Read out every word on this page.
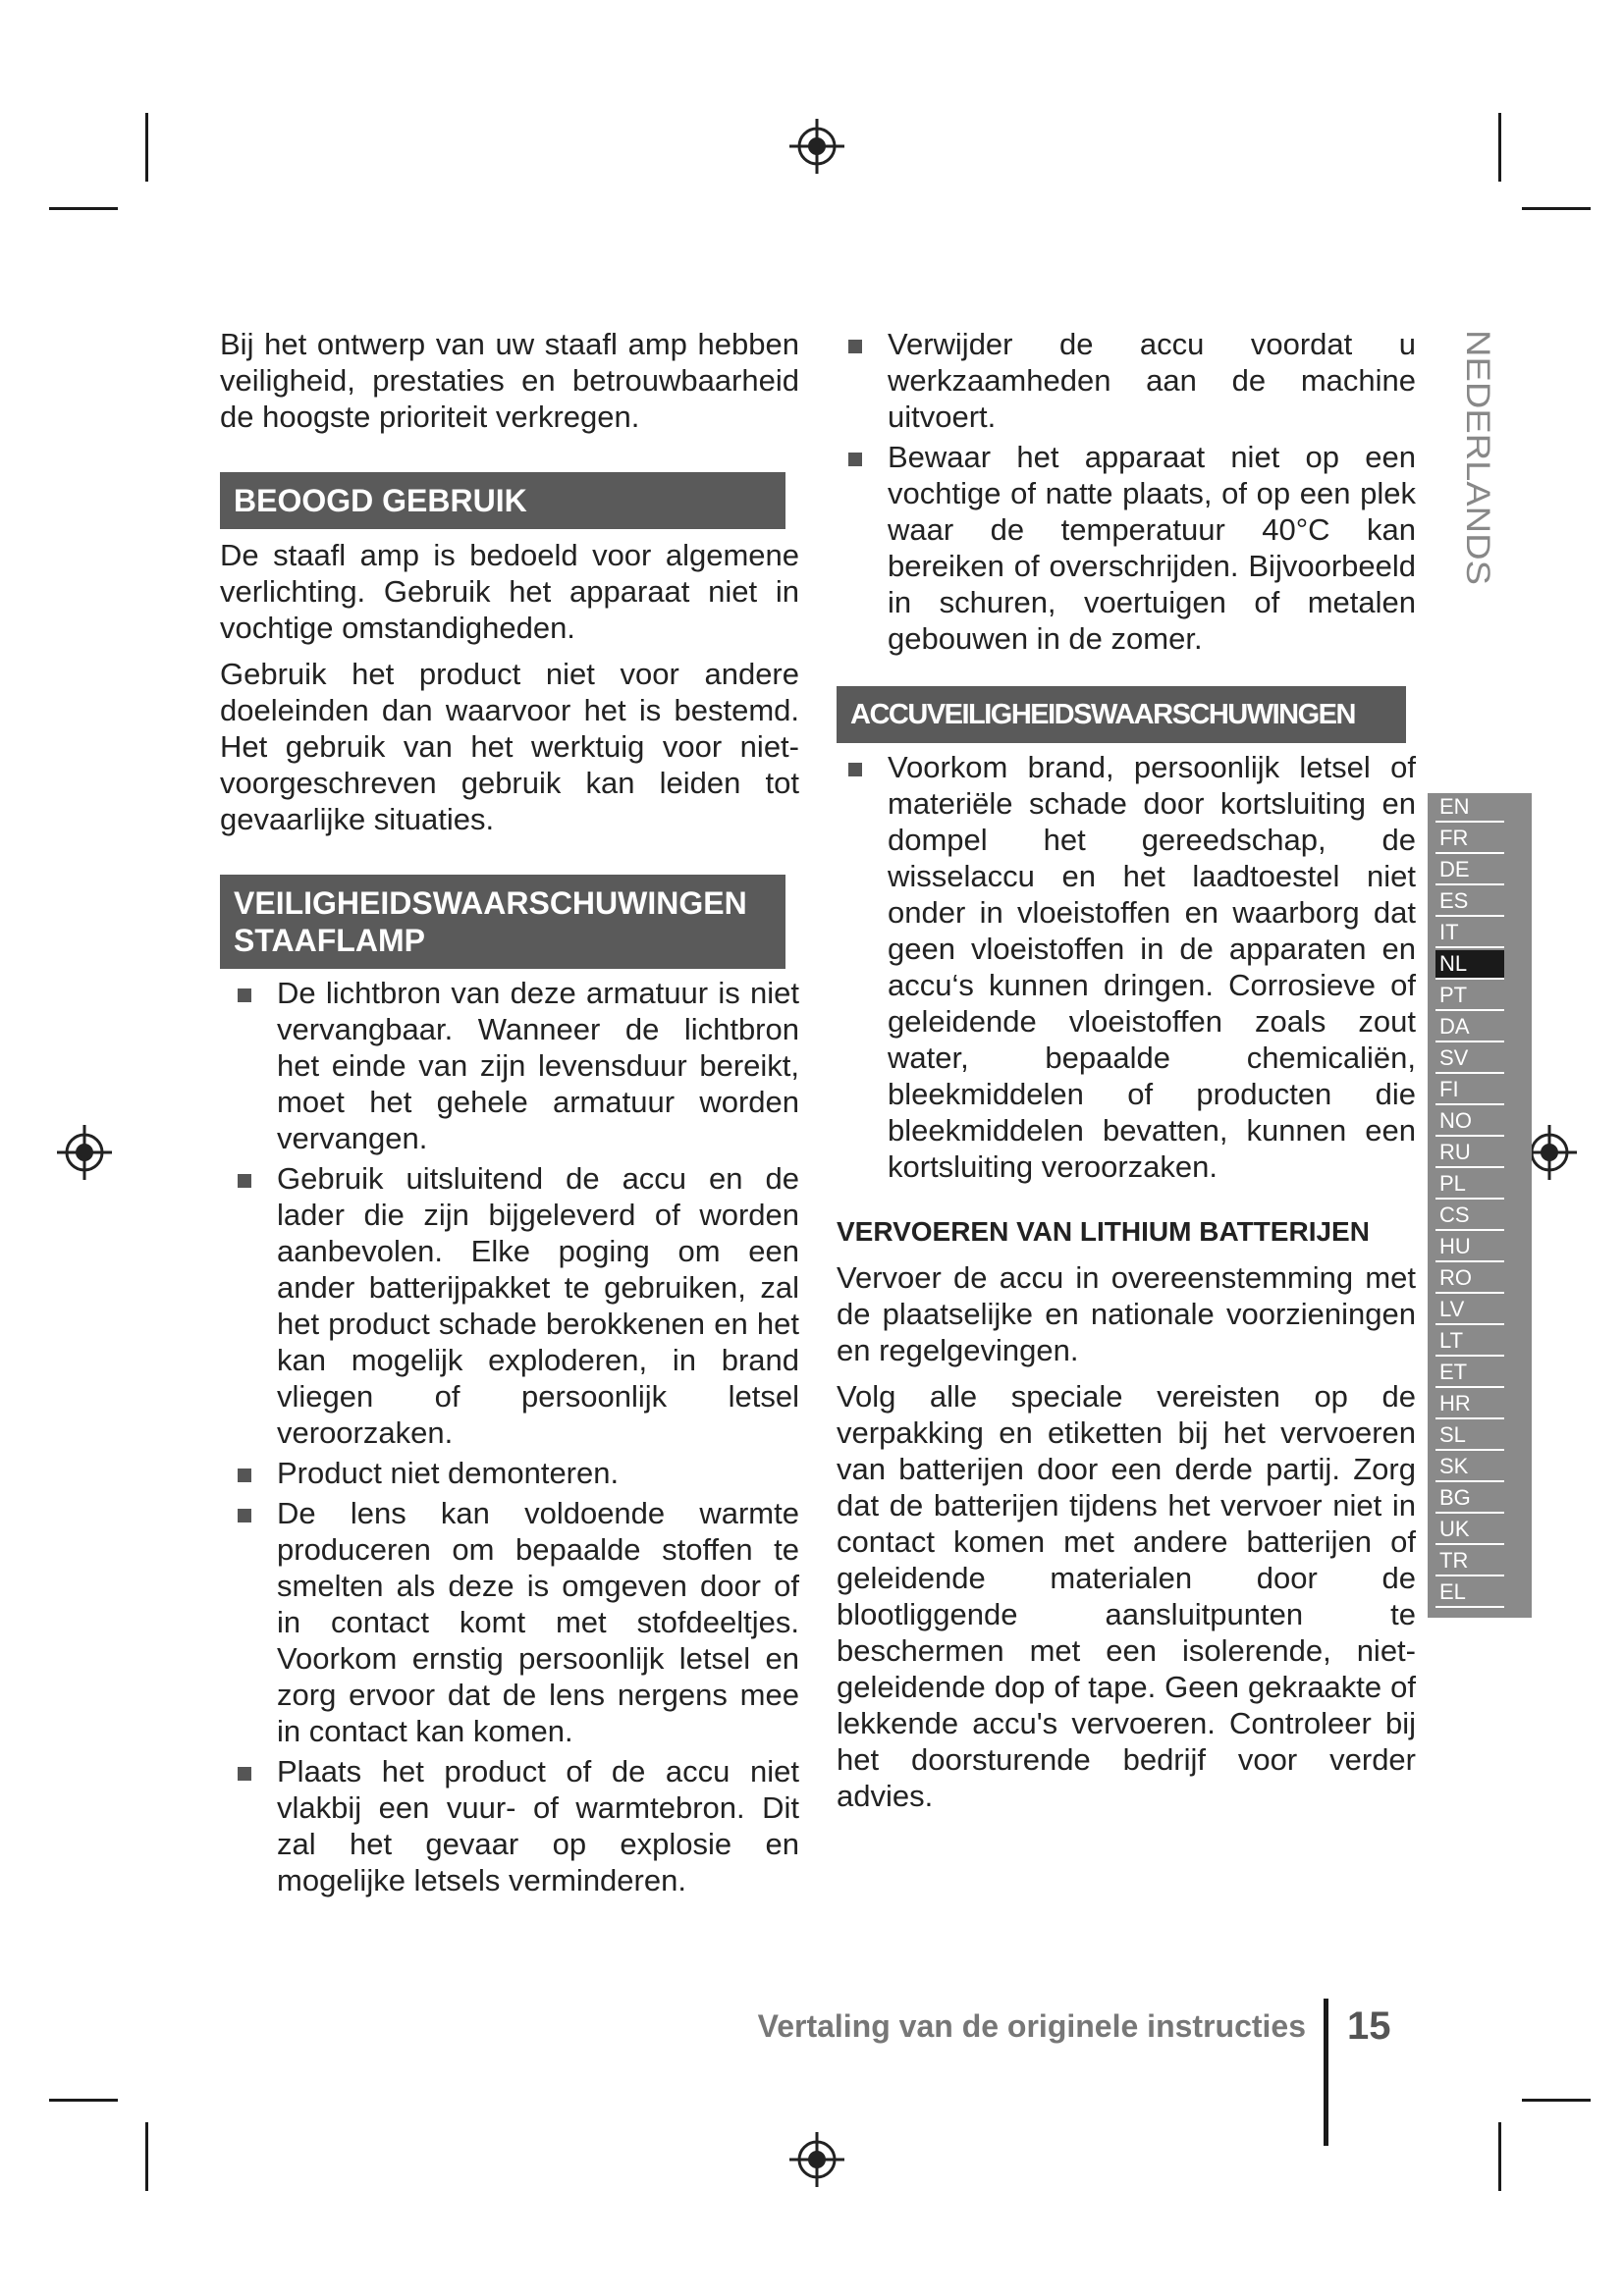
Bij het ontwerp van uw staafl amp hebben veiligheid, prestaties en betrouwbaarheid de hoogste prioriteit verkregen.

BEOOGD GEBRUIK

De staafl amp is bedoeld voor algemene verlichting. Gebruik het apparaat niet in vochtige omstandigheden.

Gebruik het product niet voor andere doeleinden dan waarvoor het is bestemd. Het gebruik van het werktuig voor niet-voorgeschreven gebruik kan leiden tot gevaarlijke situaties.

VEILIGHEIDSWAARSCHUWINGEN
STAAFLAMP
De lichtbron van deze armatuur is niet vervangbaar. Wanneer de lichtbron het einde van zijn levensduur bereikt, moet het gehele armatuur worden vervangen.
Gebruik uitsluitend de accu en de lader die zijn bijgeleverd of worden aanbevolen. Elke poging om een ander batterijpakket te gebruiken, zal het product schade berokkenen en het kan mogelijk exploderen, in brand vliegen of persoonlijk letsel veroorzaken.
Product niet demonteren.
De lens kan voldoende warmte produceren om bepaalde stoffen te smelten als deze is omgeven door of in contact komt met stofdeeltjes. Voorkom ernstig persoonlijk letsel en zorg ervoor dat de lens nergens mee in contact kan komen.
Plaats het product of de accu niet vlakbij een vuur- of warmtebron. Dit zal het gevaar op explosie en mogelijke letsels verminderen.
Verwijder de accu voordat u werkzaamheden aan de machine uitvoert.
Bewaar het apparaat niet op een vochtige of natte plaats, of op een plek waar de temperatuur 40°C kan bereiken of overschrijden. Bijvoorbeeld in schuren, voertuigen of metalen gebouwen in de zomer.
ACCUVEILIGHEIDSWAARSCHUWINGEN
Voorkom brand, persoonlijk letsel of materiële schade door kortsluiting en dompel het gereedschap, de wisselaccu en het laadtoestel niet onder in vloeistoffen en waarborg dat geen vloeistoffen in de apparaten en accu‘s kunnen dringen. Corrosieve of geleidende vloeistoffen zoals zout water, bepaalde chemicaliën, bleekmiddelen of producten die bleekmiddelen bevatten, kunnen een kortsluiting veroorzaken.
VERVOEREN VAN LITHIUM BATTERIJEN

Vervoer de accu in overeenstemming met de plaatselijke en nationale voorzieningen en regelgevingen.

Volg alle speciale vereisten op de verpakking en etiketten bij het vervoeren van batterijen door een derde partij. Zorg dat de batterijen tijdens het vervoer niet in contact komen met andere batterijen of geleidende materialen door de blootliggende aansluitpunten te beschermen met een isolerende, niet-geleidende dop of tape. Geen gekraakte of lekkende accu's vervoeren. Controleer bij het doorsturende bedrijf voor verder advies.

NEDERLANDS
EN
FR
DE
ES
IT
NL
PT
DA
SV
FI
NO
RU
PL
CS
HU
RO
LV
LT
ET
HR
SL
SK
BG
UK
TR
EL
Vertaling van de originele instructies 15
